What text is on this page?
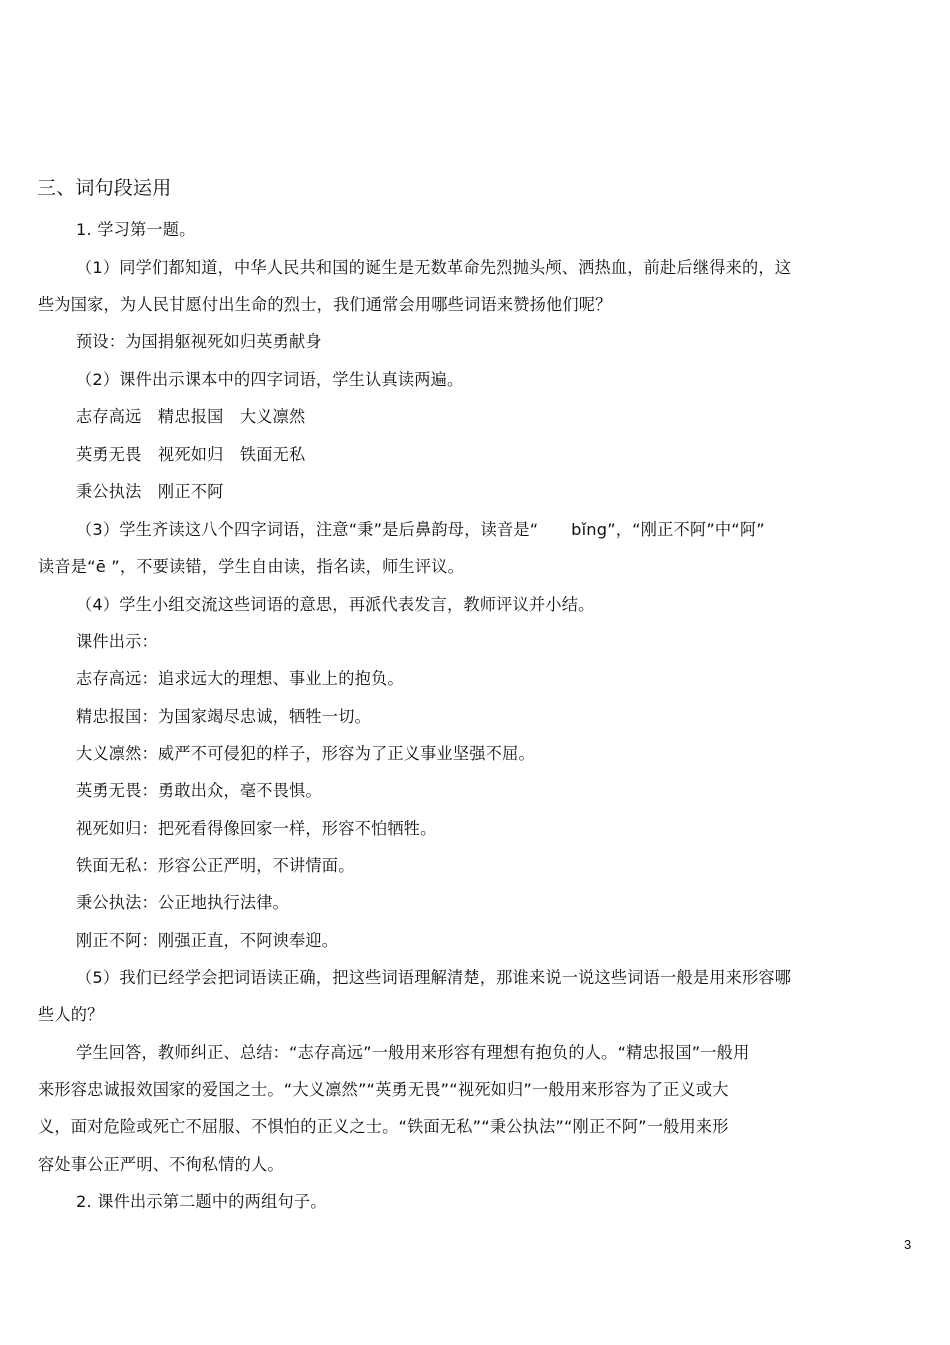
三、词句段运用
1. 学习第一题。
（1）同学们都知道，中华人民共和国的诞生是无数革命先烈抛头颅、洒热血，前赴后继得来的，这
些为国家，为人民甘愿付出生命的烈士，我们通常会用哪些词语来赞扬他们呢？
预设：为国捐躯视死如归英勇献身
（2）课件出示课本中的四字词语，学生认真读两遍。
志存高远　精忠报国　大义凛然
英勇无畏　视死如归　铁面无私
秉公执法　刚正不阿
（3）学生齐读这八个四字词语，注意“秉”是后鼻韵母，读音是“　　bǐng”，“刚正不阿”中“阿”
读音是“ē ”，不要读错，学生自由读，指名读，师生评议。
（4）学生小组交流这些词语的意思，再派代表发言，教师评议并小结。
课件出示：
志存高远：追求远大的理想、事业上的抱负。
精忠报国：为国家竭尽忠诚，牺牲一切。
大义凛然：威严不可侵犯的样子，形容为了正义事业坚强不屈。
英勇无畏：勇敢出众，毫不畏惧。
视死如归：把死看得像回家一样，形容不怕牺牲。
铁面无私：形容公正严明，不讲情面。
秉公执法：公正地执行法律。
刚正不阿：刚强正直，不阿谀奉迎。
（5）我们已经学会把词语读正确，把这些词语理解清楚，那谁来说一说这些词语一般是用来形容哪
些人的？
学生回答，教师纠正、总结：“志存高远”一般用来形容有理想有抱负的人。“精忠报国”一般用
来形容忠诚报效国家的爱国之士。“大义凛然”“英勇无畏”“视死如归”一般用来形容为了正义或大
义，面对危险或死亡不屈服、不惧怕的正义之士。“铁面无私”“秉公执法”“刚正不阿”一般用来形
容处事公正严明、不徇私情的人。
2. 课件出示第二题中的两组句子。
3
